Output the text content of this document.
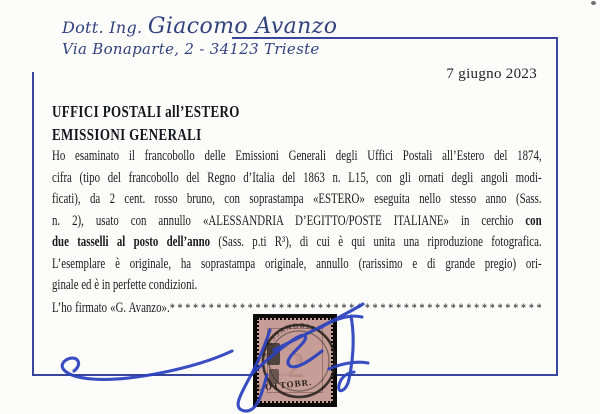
Dott. Ing. Giacomo Avanzo
Via Bonaparte, 2 - 34123 Trieste
7 giugno 2023
UFFICI POSTALI all’ESTERO
EMISSIONI GENERALI
Ho esaminato il francobollo delle Emissioni Generali degli Uffici Postali all’Estero del 1874,
cifra (tipo del francobollo del Regno d’Italia del 1863 n. L15, con gli ornati degli angoli modi-
ficati), da 2 cent. rosso bruno, con soprastampa «ESTERO» eseguita nello stesso anno (Sass.
n. 2), usato con annullo «ALESSANDRIA D’EGITTO/POSTE ITALIANE» in cerchio con
due tasselli al posto dell’anno (Sass. p.ti R³), di cui è qui unita una riproduzione fotografica.
L’esemplare è originale, ha soprastampa originale, annullo (rarissimo e di grande pregio) ori-
ginale ed è in perfette condizioni.
L’ho firmato «G. Avanzo».* * * * * * * * * * * * * * * * * * * * * * * * * * * * * * * * * * * * * * * * * * * * * * * *
2
ALESSANDRIA
E OTTOBR.
